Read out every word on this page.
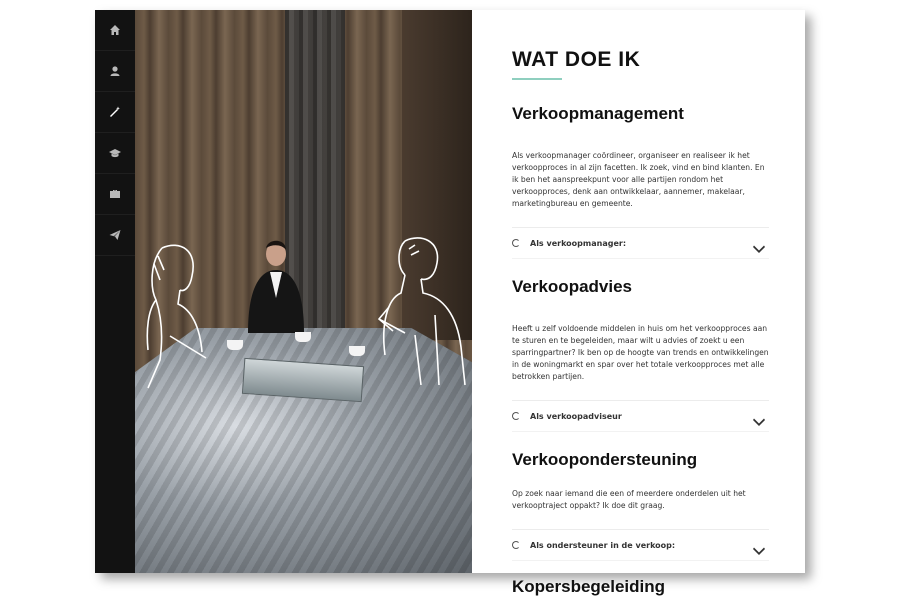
WAT DOE IK
Verkoopmanagement

Als verkoopmanager coördineer, organiseer en realiseer ik het verkoopproces in al zijn facetten. Ik zoek, vind en bind klanten. En ik ben het aanspreekpunt voor alle partijen rondom het verkoopproces, denk aan ontwikkelaar, aannemer, makelaar, marketingbureau en gemeente.

Als verkoopmanager:
Verkoopadvies

Heeft u zelf voldoende middelen in huis om het verkoopproces aan te sturen en te begeleiden, maar wilt u advies of zoekt u een sparringpartner? Ik ben op de hoogte van trends en ontwikkelingen in de woningmarkt en spar over het totale verkoopproces met alle betrokken partijen.

Als verkoopadviseur
Verkoopondersteuning

Op zoek naar iemand die een of meerdere onderdelen uit het verkooptraject oppakt? Ik doe dit graag.

Als ondersteuner in de verkoop:
Kopersbegeleiding
